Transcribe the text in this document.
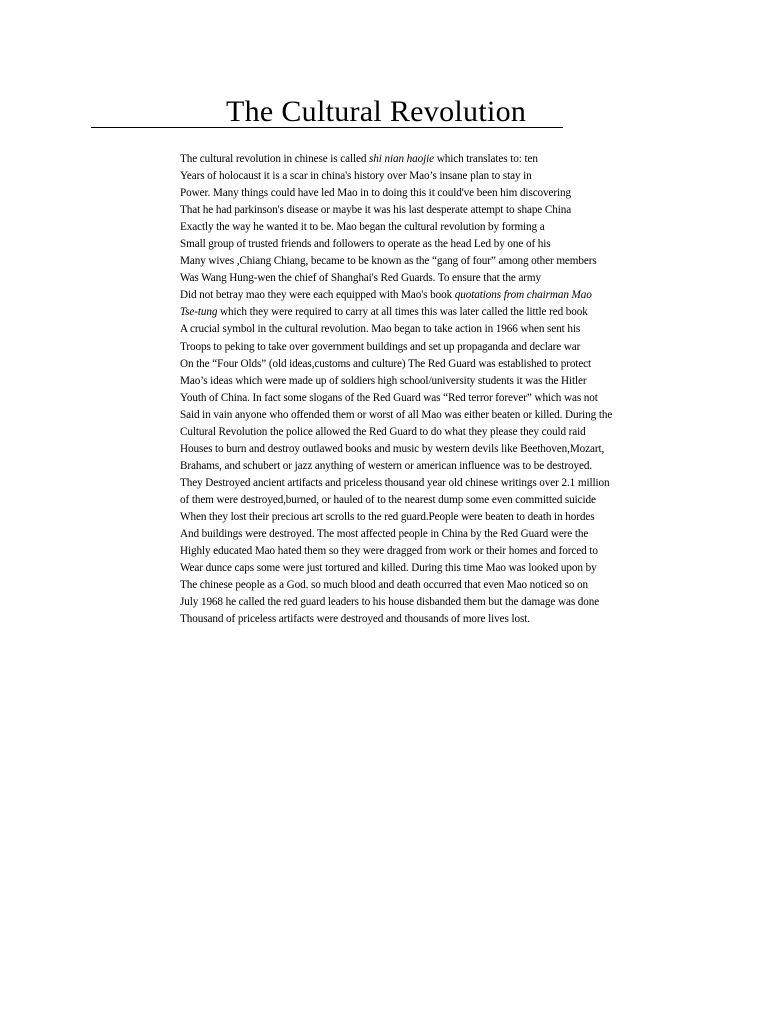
The Cultural Revolution
The cultural revolution in chinese is called shi nian haojie which translates to: ten
Years of holocaust it is a scar in china's history over Mao’s insane plan to stay in
Power. Many things could have led Mao in to doing this it could've been him discovering
That he had parkinson's disease or maybe it was his last desperate attempt to shape China
Exactly the way he wanted it to be. Mao began the cultural revolution by forming a
Small group of trusted friends and followers to operate as the head Led by one of his
Many wives ,Chiang Chiang, became to be known as the “gang of four” among other members
Was Wang Hung-wen the chief of Shanghai's Red Guards. To ensure that the army
Did not betray mao they were each equipped with Mao's book quotations from chairman Mao
Tse-tung which they were required to carry at all times this was later called the little red book
A crucial symbol in the cultural revolution. Mao began to take action in 1966 when sent his
Troops to peking to take over government buildings and set up propaganda and declare war
On the “Four Olds” (old ideas,customs and culture) The Red Guard was established to protect
Mao’s ideas which were made up of soldiers high school/university students it was the Hitler
Youth of China. In fact some slogans of the Red Guard was “Red terror forever” which was not
Said in vain anyone who offended them or worst of all Mao was either beaten or killed. During the
Cultural Revolution the police allowed the Red Guard to do what they please they could raid
Houses to burn and destroy outlawed books and music by western devils like Beethoven,Mozart,
Brahams, and schubert or jazz anything of western or american influence was to be destroyed.
They Destroyed ancient artifacts and priceless thousand year old chinese writings over 2.1 million
of them were destroyed,burned, or hauled of to the nearest dump some even committed suicide
When they lost their precious art scrolls to the red guard.People were beaten to death in hordes
And buildings were destroyed. The most affected people in China by the Red Guard were the
Highly educated Mao hated them so they were dragged from work or their homes and forced to
Wear dunce caps some were just tortured and killed. During this time Mao was looked upon by
The chinese people as a God. so much blood and death occurred that even Mao noticed so on
July 1968 he called the red guard leaders to his house disbanded them but the damage was done
Thousand of priceless artifacts were destroyed and thousands of more lives lost.
